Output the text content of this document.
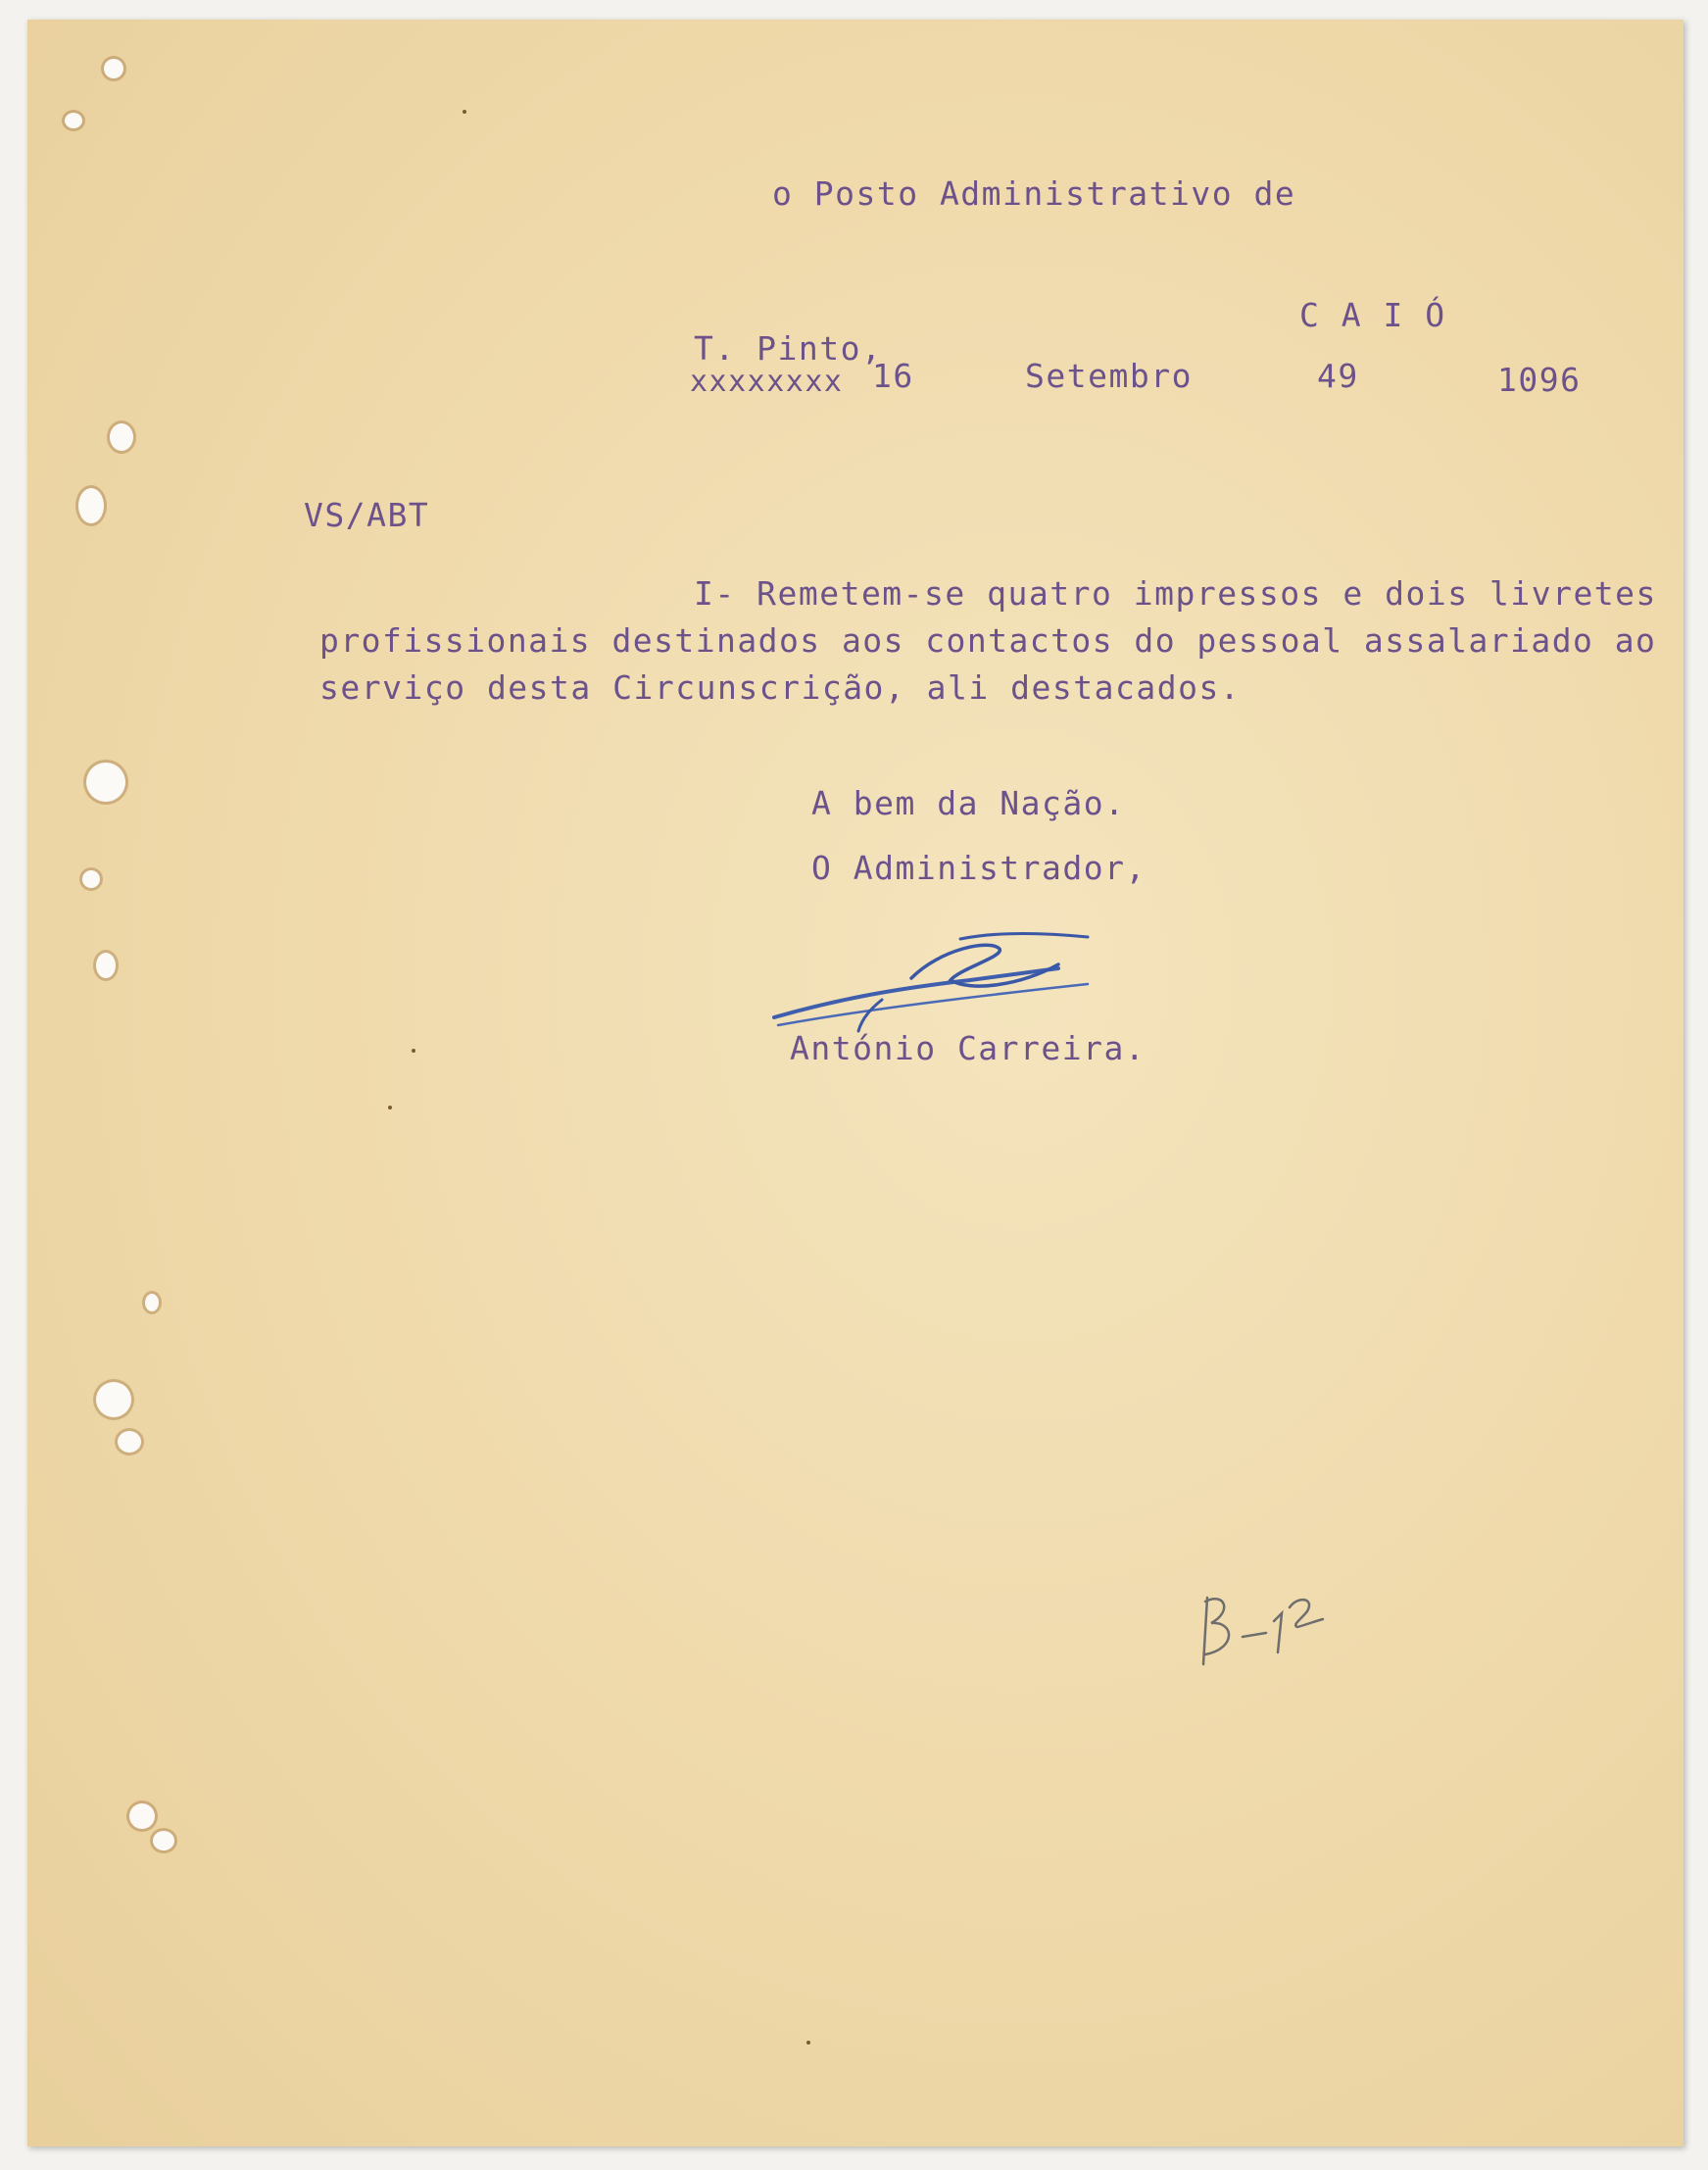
o Posto Administrativo de
C A I Ó
T. Pinto,
xxxxxxxx 16	Setembro	49	1096
VS/ABT
I- Remetem-se quatro impressos e dois livretes
profissionais destinados aos contactos do pessoal assalariado ao
serviço desta Circunscrição, ali destacados.
A bem da Nação.
O Administrador,
António Carreira.
